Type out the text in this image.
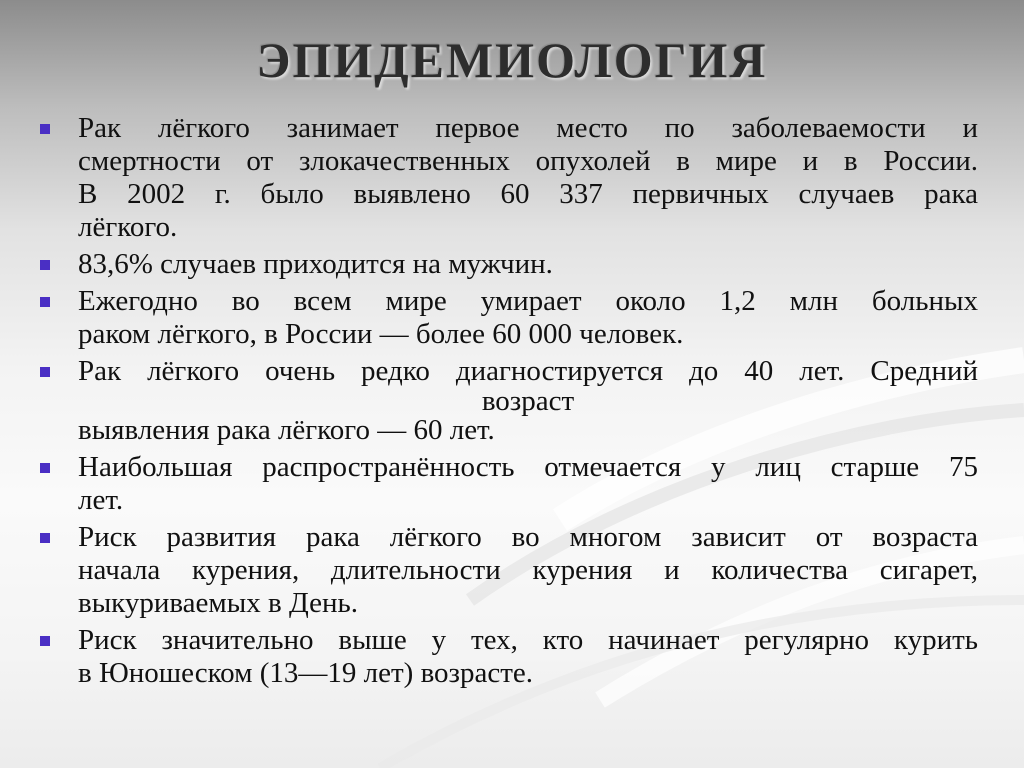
ЭПИДЕМИОЛОГИЯ
Рак лёгкого занимает первое место по заболеваемости и
смертности от злокачественных опухолей в мире и в России.
В 2002 г. было выявлено 60 337 первичных случаев рака
лёгкого.
83,6% случаев приходится на мужчин.
Ежегодно во всем мире умирает около 1,2 млн больных
раком лёгкого, в России — более 60 000 человек.
Рак лёгкого очень редко диагностируется до 40 лет. Средний
возраст
выявления рака лёгкого — 60 лет.
Наибольшая распространённость отмечается у лиц старше 75
лет.
Риск развития рака лёгкого во многом зависит от возраста
начала курения, длительности курения и количества сигарет,
выкуриваемых в День.
Риск значительно выше у тех, кто начинает регулярно курить
в Юношеском (13—19 лет) возрасте.
